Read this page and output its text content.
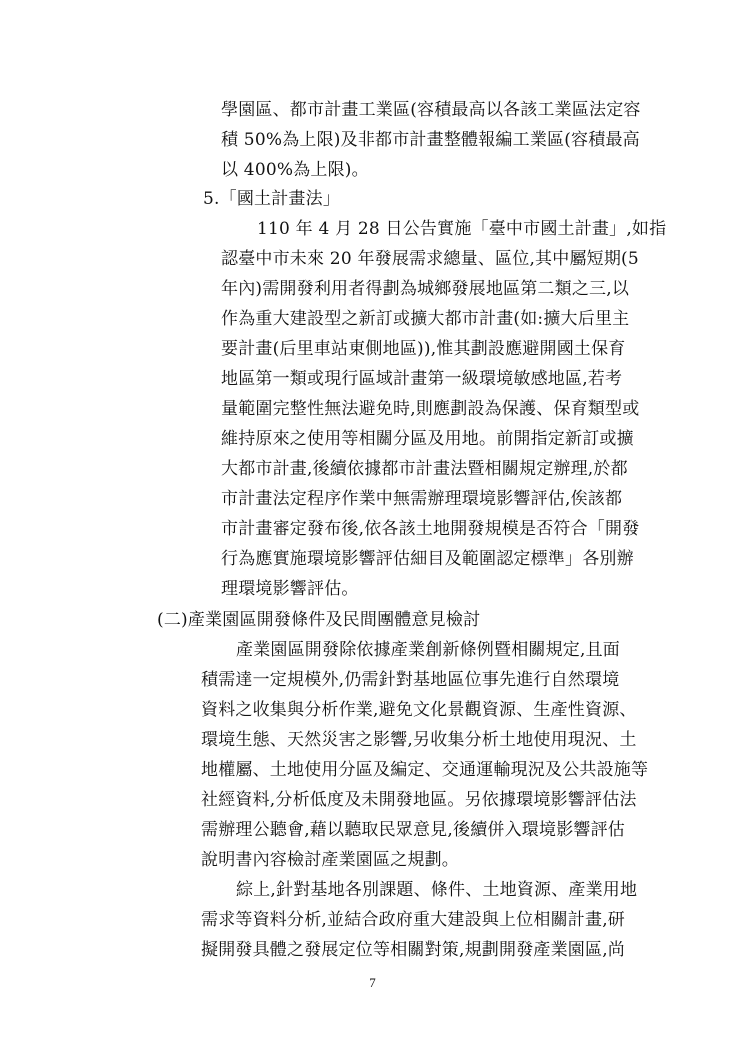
學園區、都市計畫工業區(容積最高以各該工業區法定容
積 50%為上限)及非都市計畫整體報編工業區(容積最高
以 400%為上限)。
5.「國土計畫法」
110 年 4 月 28 日公告實施「臺中市國土計畫」,如指
認臺中市未來 20 年發展需求總量、區位,其中屬短期(5
年內)需開發利用者得劃為城鄉發展地區第二類之三,以
作為重大建設型之新訂或擴大都市計畫(如:擴大后里主
要計畫(后里車站東側地區)),惟其劃設應避開國土保育
地區第一類或現行區域計畫第一級環境敏感地區,若考
量範圍完整性無法避免時,則應劃設為保護、保育類型或
維持原來之使用等相關分區及用地。前開指定新訂或擴
大都市計畫,後續依據都市計畫法暨相關規定辦理,於都
市計畫法定程序作業中無需辦理環境影響評估,俟該都
市計畫審定發布後,依各該土地開發規模是否符合「開發
行為應實施環境影響評估細目及範圍認定標準」各別辦
理環境影響評估。
(二)產業園區開發條件及民間團體意見檢討
產業園區開發除依據產業創新條例暨相關規定,且面
積需達一定規模外,仍需針對基地區位事先進行自然環境
資料之收集與分析作業,避免文化景觀資源、生產性資源、
環境生態、天然災害之影響,另收集分析土地使用現況、土
地權屬、土地使用分區及編定、交通運輸現況及公共設施等
社經資料,分析低度及未開發地區。另依據環境影響評估法
需辦理公聽會,藉以聽取民眾意見,後續併入環境影響評估
說明書內容檢討產業園區之規劃。
綜上,針對基地各別課題、條件、土地資源、產業用地
需求等資料分析,並結合政府重大建設與上位相關計畫,研
擬開發具體之發展定位等相關對策,規劃開發產業園區,尚
7
